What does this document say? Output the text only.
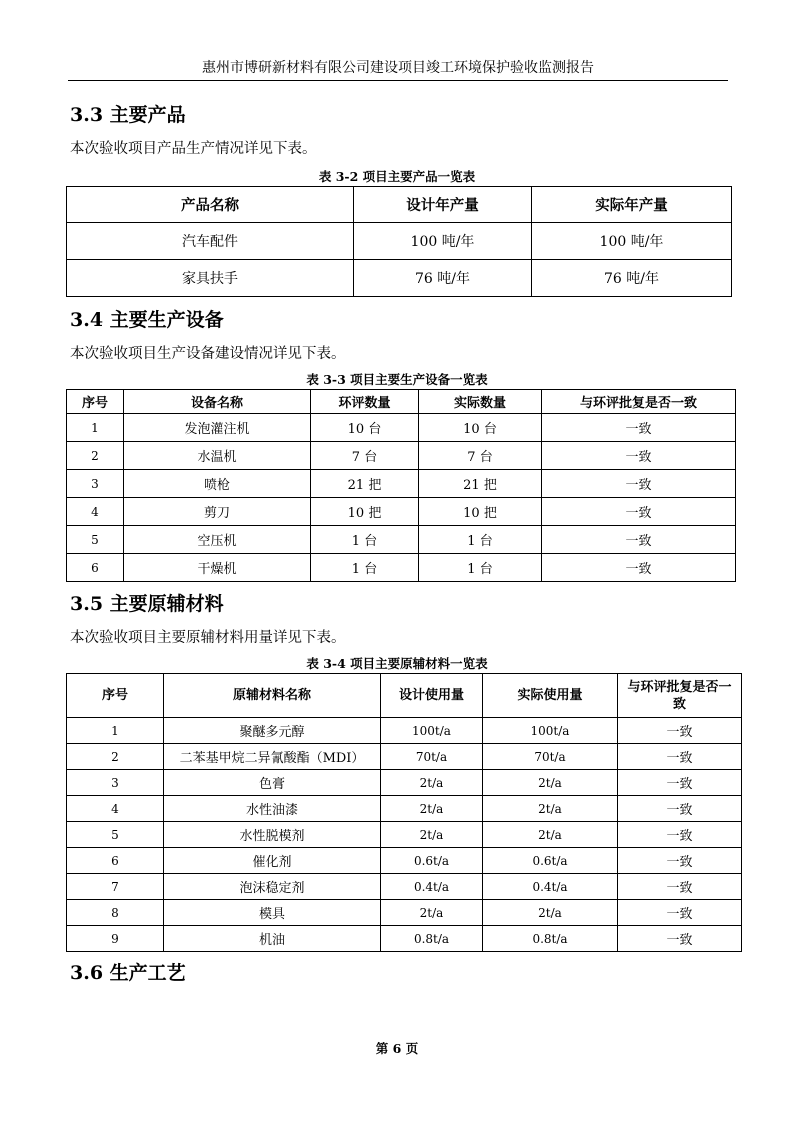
惠州市博研新材料有限公司建设项目竣工环境保护验收监测报告
3.3 主要产品
本次验收项目产品生产情况详见下表。
表 3-2 项目主要产品一览表
产品名称	设计年产量	实际年产量
汽车配件	100 吨/年	100 吨/年
家具扶手	76 吨/年	76 吨/年
3.4 主要生产设备
本次验收项目生产设备建设情况详见下表。
表 3-3 项目主要生产设备一览表
序号	设备名称	环评数量	实际数量	与环评批复是否一致
1	发泡灌注机	10 台	10 台	一致
2	水温机	7 台	7 台	一致
3	喷枪	21 把	21 把	一致
4	剪刀	10 把	10 把	一致
5	空压机	1 台	1 台	一致
6	干燥机	1 台	1 台	一致
3.5 主要原辅材料
本次验收项目主要原辅材料用量详见下表。
表 3-4 项目主要原辅材料一览表
序号	原辅材料名称	设计使用量	实际使用量	与环评批复是否一致
1	聚醚多元醇	100t/a	100t/a	一致
2	二苯基甲烷二异氰酸酯（MDI）	70t/a	70t/a	一致
3	色膏	2t/a	2t/a	一致
4	水性油漆	2t/a	2t/a	一致
5	水性脱模剂	2t/a	2t/a	一致
6	催化剂	0.6t/a	0.6t/a	一致
7	泡沫稳定剂	0.4t/a	0.4t/a	一致
8	模具	2t/a	2t/a	一致
9	机油	0.8t/a	0.8t/a	一致
3.6 生产工艺
第 6 页
